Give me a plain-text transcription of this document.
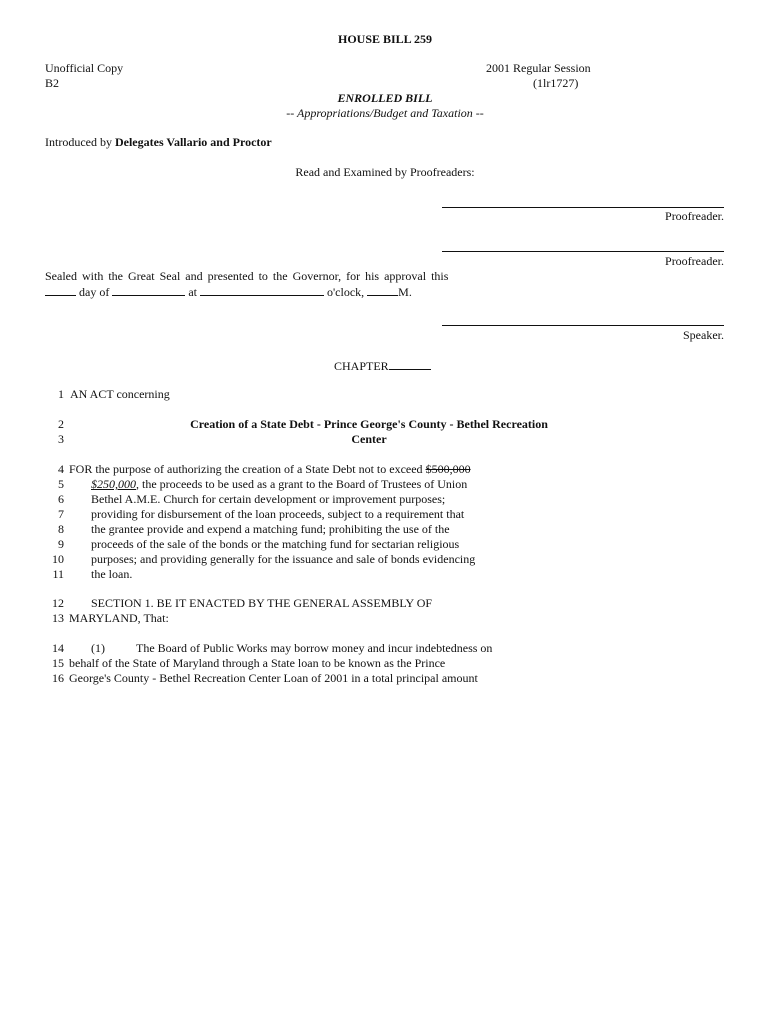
HOUSE BILL 259
Unofficial Copy
B2
2001 Regular Session
(1lr1727)
ENROLLED BILL
-- Appropriations/Budget and Taxation --
Introduced by Delegates Vallario and Proctor
Read and Examined by Proofreaders:
Proofreader.
Proofreader.
Sealed with the Great Seal and presented to the Governor, for his approval this
day of	at	o'clock,	M.
Speaker.
CHAPTER
1
2
3
4
5
6
7
8
9
10
11
12
13
14
15
16
AN ACT concerning
Creation of a State Debt - Prince George's County - Bethel Recreation
Center
FOR the purpose of authorizing the creation of a State Debt not to exceed $500,000
$250,000, the proceeds to be used as a grant to the Board of Trustees of Union
Bethel A.M.E. Church for certain development or improvement purposes;
providing for disbursement of the loan proceeds, subject to a requirement that
the grantee provide and expend a matching fund; prohibiting the use of the
proceeds of the sale of the bonds or the matching fund for sectarian religious
purposes; and providing generally for the issuance and sale of bonds evidencing
the loan.
SECTION 1. BE IT ENACTED BY THE GENERAL ASSEMBLY OF
MARYLAND, That:
(1)	The Board of Public Works may borrow money and incur indebtedness on
behalf of the State of Maryland through a State loan to be known as the Prince
George's County - Bethel Recreation Center Loan of 2001 in a total principal amount
